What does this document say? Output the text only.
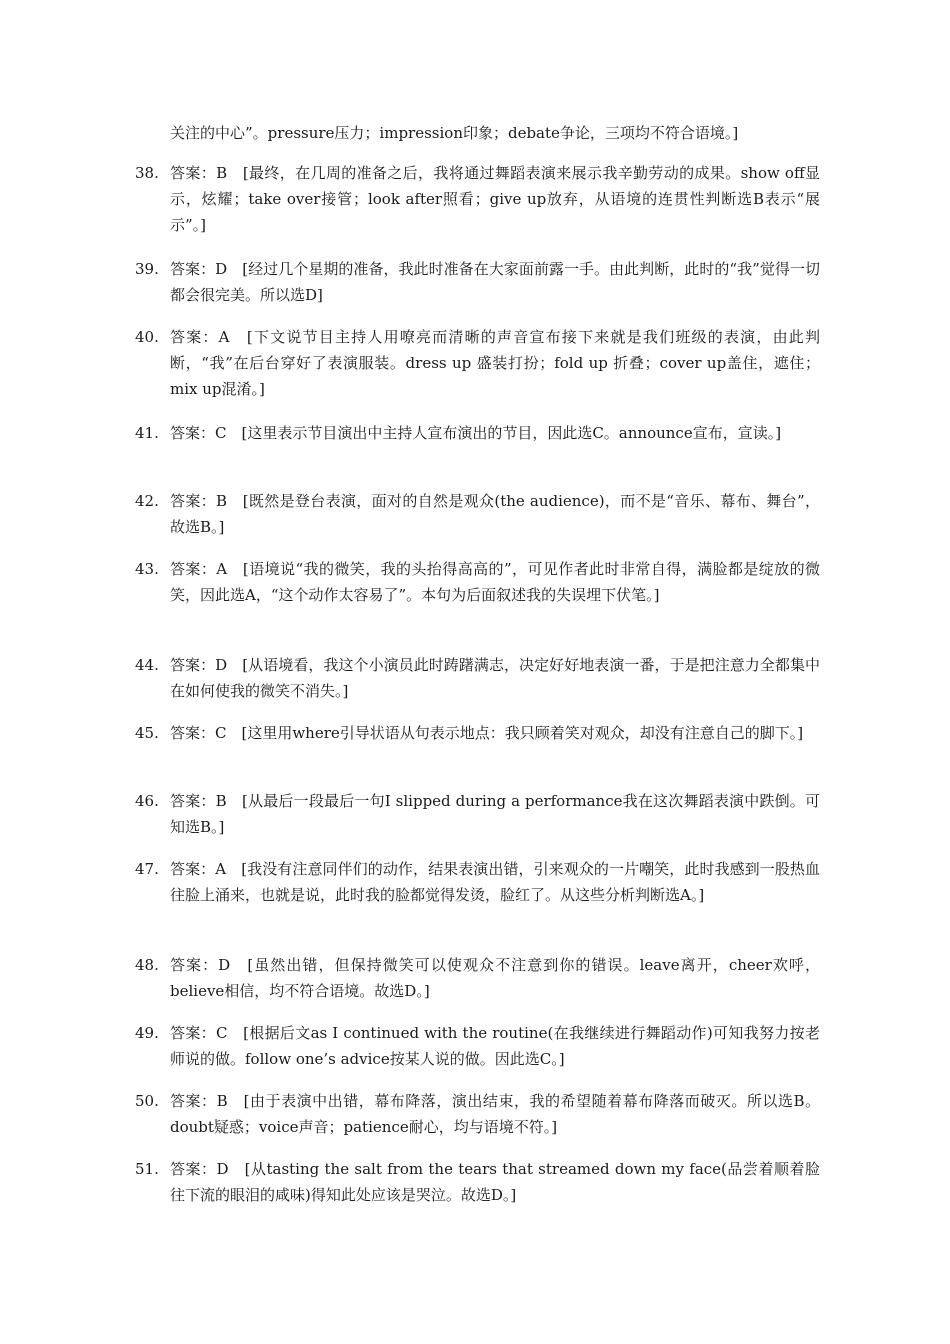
关注的中心”。pressure压力；impression印象；debate争论，三项均不符合语境。]

38. 答案：B　[最终，在几周的准备之后，我将通过舞蹈表演来展示我辛勤劳动的成果。show off显示，炫耀；take over接管；look after照看；give up放弃，从语境的连贯性判断选B表示“展示”。]
39. 答案：D　[经过几个星期的准备，我此时准备在大家面前露一手。由此判断，此时的“我”觉得一切都会很完美。所以选D]
40. 答案：A　[下文说节目主持人用嘹亮而清晰的声音宣布接下来就是我们班级的表演，由此判断，“我”在后台穿好了表演服装。dress up 盛装打扮；fold up 折叠；cover up盖住，遮住；mix up混淆。]
41. 答案：C　[这里表示节目演出中主持人宣布演出的节目，因此选C。announce宣布，宣读。]
42. 答案：B　[既然是登台表演，面对的自然是观众(the audience)，而不是“音乐、幕布、舞台”，故选B。]
43. 答案：A　[语境说“我的微笑，我的头抬得高高的”，可见作者此时非常自得，满脸都是绽放的微笑，因此选A，“这个动作太容易了”。本句为后面叙述我的失误埋下伏笔。]
44. 答案：D　[从语境看，我这个小演员此时踌躇满志，决定好好地表演一番，于是把注意力全都集中在如何使我的微笑不消失。]
45. 答案：C　[这里用where引导状语从句表示地点：我只顾着笑对观众，却没有注意自己的脚下。]
46. 答案：B　[从最后一段最后一句I slipped during a performance我在这次舞蹈表演中跌倒。可知选B。]
47. 答案：A　[我没有注意同伴们的动作，结果表演出错，引来观众的一片嘲笑，此时我感到一股热血往脸上涌来，也就是说，此时我的脸都觉得发烫，脸红了。从这些分析判断选A。]
48. 答案：D　[虽然出错，但保持微笑可以使观众不注意到你的错误。leave离开，cheer欢呼，believe相信，均不符合语境。故选D。]
49. 答案：C　[根据后文as I continued with the routine(在我继续进行舞蹈动作)可知我努力按老师说的做。follow one’s advice按某人说的做。因此选C。]
50. 答案：B　[由于表演中出错，幕布降落，演出结束，我的希望随着幕布降落而破灭。所以选B。doubt疑惑；voice声音；patience耐心，均与语境不符。]
51. 答案：D　[从tasting the salt from the tears that streamed down my face(品尝着顺着脸往下流的眼泪的咸味)得知此处应该是哭泣。故选D。]
